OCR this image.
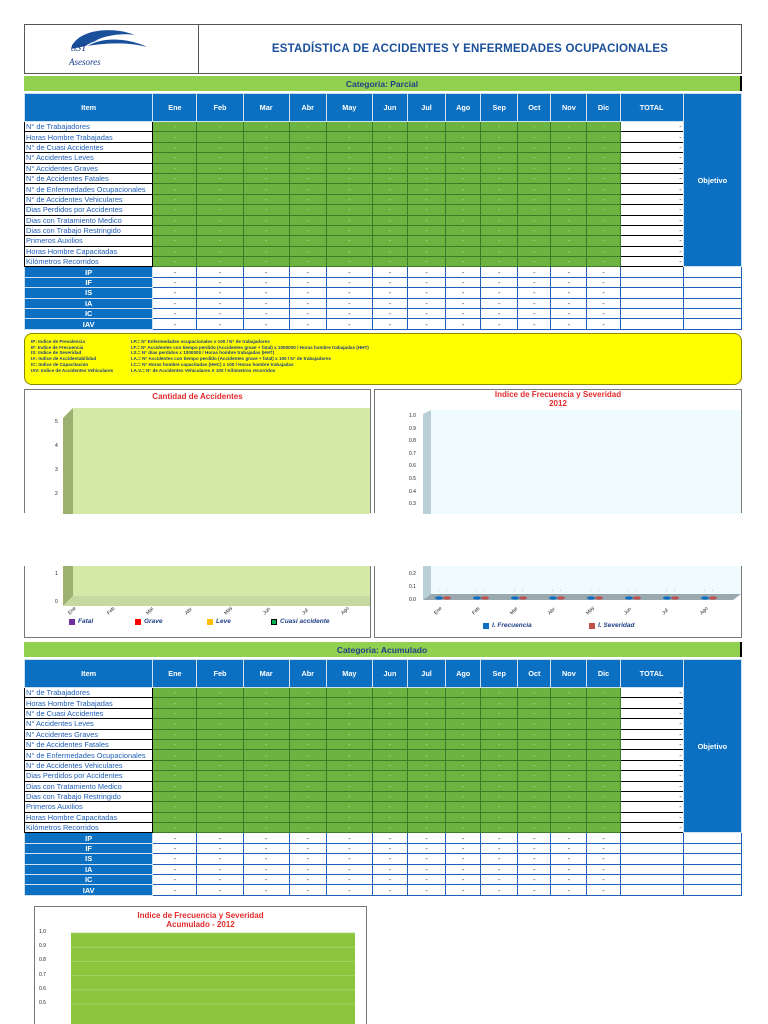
SST
Asesores
ESTADÍSTICA DE ACCIDENTES Y ENFERMEDADES OCUPACIONALES
Categoria: Parcial
Item	Ene	Feb	Mar	Abr	May	Jun	Jul	Ago	Sep	Oct	Nov	Dic	TOTAL	Objetivo
N° de Trabajadores	-	-	-	-	-	-	-	-	-	-	-	-	-	
Horas Hombre Trabajadas	-	-	-	-	-	-	-	-	-	-	-	-	-	
N° de Cuasi Accidentes	-	-	-	-	-	-	-	-	-	-	-	-	-	
N° Accidentes Leves	-	-	-	-	-	-	-	-	-	-	-	-	-	
N° Accidentes Graves	-	-	-	-	-	-	-	-	-	-	-	-	-	
N° de Accidentes Fatales	-	-	-	-	-	-	-	-	-	-	-	-	-	
N° de Enfermedades Ocupacionales	-	-	-	-	-	-	-	-	-	-	-	-	-	
N° de Accidentes Vehiculares	-	-	-	-	-	-	-	-	-	-	-	-	-	
Dias Perdidos por Accidentes	-	-	-	-	-	-	-	-	-	-	-	-	-	
Dias con Tratamiento Medico	-	-	-	-	-	-	-	-	-	-	-	-	-	
Dias con Trabajo Restringido	-	-	-	-	-	-	-	-	-	-	-	-	-	
Primeros Auxilios	-	-	-	-	-	-	-	-	-	-	-	-	-	
Horas Hombre Capacitadas	-	-	-	-	-	-	-	-	-	-	-	-	-	
Kilómetros Recorridos	-	-	-	-	-	-	-	-	-	-	-	-	-	
IP	-	-	-	-	-	-	-	-	-	-	-	-		
IF	-	-	-	-	-	-	-	-	-	-	-	-		
IS	-	-	-	-	-	-	-	-	-	-	-	-		
IA	-	-	-	-	-	-	-	-	-	-	-	-		
IC	-	-	-	-	-	-	-	-	-	-	-	-		
IAV	-	-	-	-	-	-	-	-	-	-	-	-		
IP: Indice de Prevalencia	I.P.= N° Enfermedades ocupacionales x 100 / N° de trabajadores
IF: Indice de Frecuencia	I.F.= N° Accidentes con tiempo perdido (Accidentes grave + fatal) x 1000000 / Horas hombre trabajadas (HHT)
IS: Indice de Severidad	I.S.= N° días perdidos x 1000000 / Horas hombre trabajadas (HHT)
IA: Indice de Accidentabilidad	I.A.= N° Accidentes con tiempo perdido (Accidentes grave + fatal) x 100 / N° de trabajadores
IC: Indice de Capacitación	I.C.= N° Horas hombre capacitadas (HHC) x 100 / Horas hombre trabajadas
IAV: Indice de Accidentes Vehiculares	I.A.V.= N° de Accidentes Vehiculares X 100 / Kilómetros recorridos
Cantidad de Accidentes
5
4
3
2
Indice de Frecuencia y Severidad
2012
1.0
0.9
0.8
0.7
0.6
0.5
0.4
0.3
1
0
Ene	Feb	Mar	Abr	May	Jun	Jul	Ago
Fatal	Grave	Leve	Cuasi accidente
- -	- -	- -	- -	- -	- -	- -	- -
0.2
0.1
0.0
Ene	Feb	Mar	Abr	May	Jun	Jul	Ago
I. Frecuencia	I. Severidad
Categoria: Acumulado
Item	Ene	Feb	Mar	Abr	May	Jun	Jul	Ago	Sep	Oct	Nov	Dic	TOTAL	Objetivo
N° de Trabajadores	-	-	-	-	-	-	-	-	-	-	-	-	-	
Horas Hombre Trabajadas	-	-	-	-	-	-	-	-	-	-	-	-	-	
N° de Cuasi Accidentes	-	-	-	-	-	-	-	-	-	-	-	-	-	
N° Accidentes Leves	-	-	-	-	-	-	-	-	-	-	-	-	-	
N° Accidentes Graves	-	-	-	-	-	-	-	-	-	-	-	-	-	
N° de Accidentes Fatales	-	-	-	-	-	-	-	-	-	-	-	-	-	
N° de Enfermedades Ocupacionales	-	-	-	-	-	-	-	-	-	-	-	-	-	
N° de Accidentes Vehiculares	-	-	-	-	-	-	-	-	-	-	-	-	-	
Dias Perdidos por Accidentes	-	-	-	-	-	-	-	-	-	-	-	-	-	
Dias con Tratamiento Medico	-	-	-	-	-	-	-	-	-	-	-	-	-	
Dias con Trabajo Restringido	-	-	-	-	-	-	-	-	-	-	-	-	-	
Primeros Auxilios	-	-	-	-	-	-	-	-	-	-	-	-	-	
Horas Hombre Capacitadas	-	-	-	-	-	-	-	-	-	-	-	-	-	
Kilómetros Recorridos	-	-	-	-	-	-	-	-	-	-	-	-	-	
IP	-	-	-	-	-	-	-	-	-	-	-	-		
IF	-	-	-	-	-	-	-	-	-	-	-	-		
IS	-	-	-	-	-	-	-	-	-	-	-	-		
IA	-	-	-	-	-	-	-	-	-	-	-	-		
IC	-	-	-	-	-	-	-	-	-	-	-	-		
IAV	-	-	-	-	-	-	-	-	-	-	-	-		
Indice de Frecuencia y Severidad
Acumulado - 2012
1.0
0.9
0.8
0.7
0.6
0.5
